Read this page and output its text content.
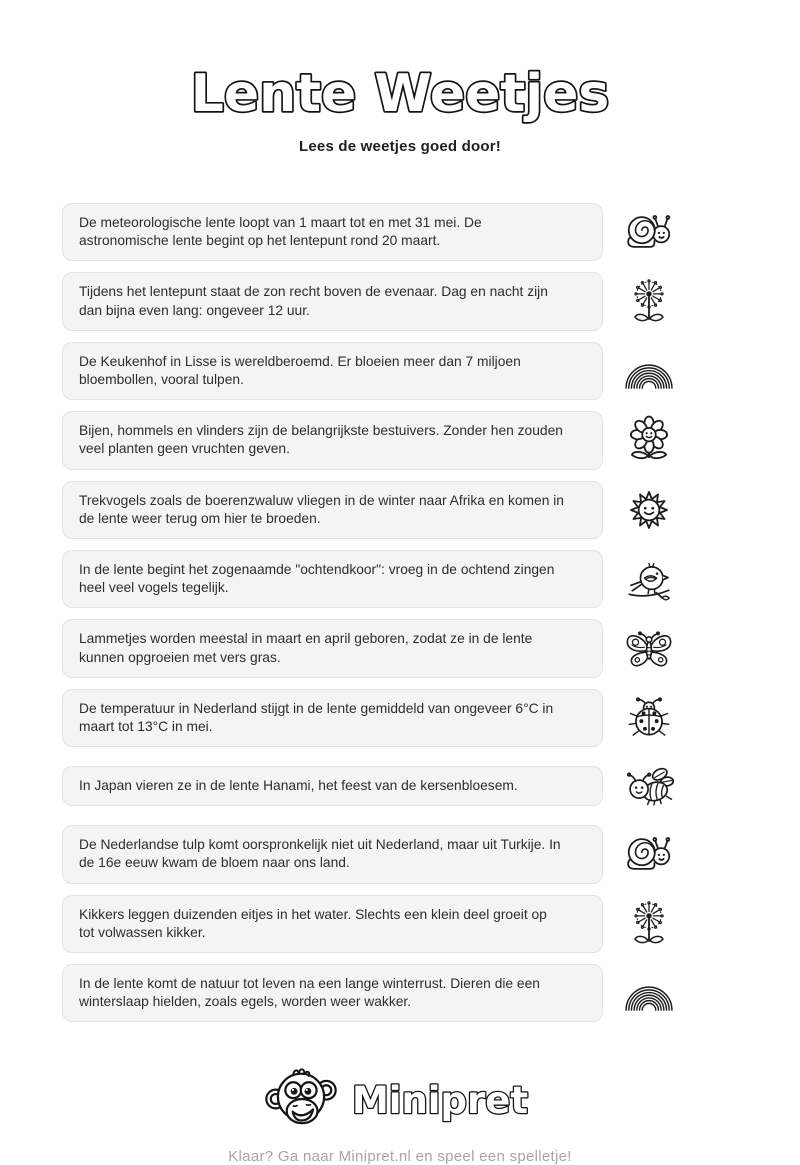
Lente Weetjes

Lees de weetjes goed door!

De meteorologische lente loopt van 1 maart tot en met 31 mei. De astronomische lente begint op het lentepunt rond 20 maart.

Tijdens het lentepunt staat de zon recht boven de evenaar. Dag en nacht zijn dan bijna even lang: ongeveer 12 uur.

De Keukenhof in Lisse is wereldberoemd. Er bloeien meer dan 7 miljoen bloembollen, vooral tulpen.

Bijen, hommels en vlinders zijn de belangrijkste bestuivers. Zonder hen zouden veel planten geen vruchten geven.

Trekvogels zoals de boerenzwaluw vliegen in de winter naar Afrika en komen in de lente weer terug om hier te broeden.

In de lente begint het zogenaamde "ochtendkoor": vroeg in de ochtend zingen heel veel vogels tegelijk.

Lammetjes worden meestal in maart en april geboren, zodat ze in de lente kunnen opgroeien met vers gras.

De temperatuur in Nederland stijgt in de lente gemiddeld van ongeveer 6°C in maart tot 13°C in mei.

In Japan vieren ze in de lente Hanami, het feest van de kersenbloesem.

De Nederlandse tulp komt oorspronkelijk niet uit Nederland, maar uit Turkije. In de 16e eeuw kwam de bloem naar ons land.

Kikkers leggen duizenden eitjes in het water. Slechts een klein deel groeit op tot volwassen kikker.

In de lente komt de natuur tot leven na een lange winterrust. Dieren die een winterslaap hielden, zoals egels, worden weer wakker.

Minipret

Klaar? Ga naar Minipret.nl en speel een spelletje!
